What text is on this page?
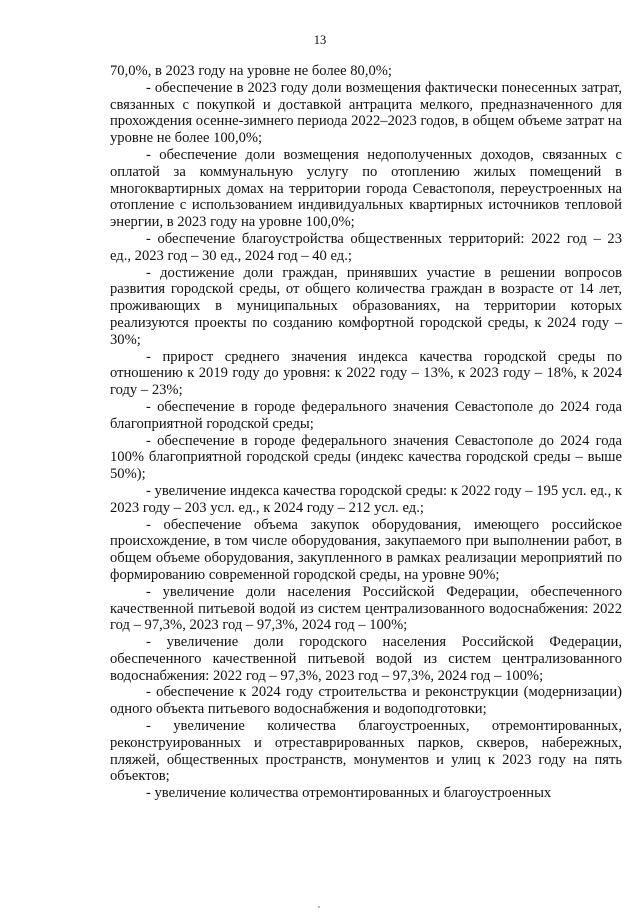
13

70,0%, в 2023 году на уровне не более 80,0%;

- обеспечение в 2023 году доли возмещения фактически понесенных затрат, связанных с покупкой и доставкой антрацита мелкого, предназначенного для прохождения осенне-зимнего периода 2022–2023 годов, в общем объеме затрат на уровне не более 100,0%;

- обеспечение доли возмещения недополученных доходов, связанных с оплатой за коммунальную услугу по отоплению жилых помещений в многоквартирных домах на территории города Севастополя, переустроенных на отопление с использованием индивидуальных квартирных источников тепловой энергии, в 2023 году на уровне 100,0%;

- обеспечение благоустройства общественных территорий: 2022 год – 23 ед., 2023 год – 30 ед., 2024 год – 40 ед.;

- достижение доли граждан, принявших участие в решении вопросов развития городской среды, от общего количества граждан в возрасте от 14 лет, проживающих в муниципальных образованиях, на территории которых реализуются проекты по созданию комфортной городской среды, к 2024 году – 30%;

- прирост среднего значения индекса качества городской среды по отношению к 2019 году до уровня: к 2022 году – 13%, к 2023 году – 18%, к 2024 году – 23%;

- обеспечение в городе федерального значения Севастополе до 2024 года благоприятной городской среды;

- обеспечение в городе федерального значения Севастополе до 2024 года 100% благоприятной городской среды (индекс качества городской среды – выше 50%);

- увеличение индекса качества городской среды: к 2022 году – 195 усл. ед., к 2023 году – 203 усл. ед., к 2024 году – 212 усл. ед.;

- обеспечение объема закупок оборудования, имеющего российское происхождение, в том числе оборудования, закупаемого при выполнении работ, в общем объеме оборудования, закупленного в рамках реализации мероприятий по формированию современной городской среды, на уровне 90%;

- увеличение доли населения Российской Федерации, обеспеченного качественной питьевой водой из систем централизованного водоснабжения: 2022 год – 97,3%, 2023 год – 97,3%, 2024 год – 100%;

- увеличение доли городского населения Российской Федерации, обеспеченного качественной питьевой водой из систем централизованного водоснабжения: 2022 год – 97,3%, 2023 год – 97,3%, 2024 год – 100%;

- обеспечение к 2024 году строительства и реконструкции (модернизации) одного объекта питьевого водоснабжения и водоподготовки;

- увеличение количества благоустроенных, отремонтированных, реконструированных и отреставрированных парков, скверов, набережных, пляжей, общественных пространств, монументов и улиц к 2023 году на пять объектов;

- увеличение количества отремонтированных и благоустроенных
